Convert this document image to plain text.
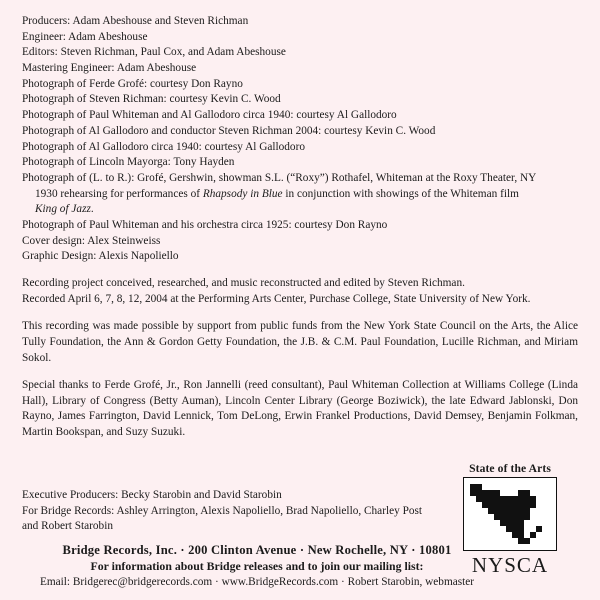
Producers: Adam Abeshouse and Steven Richman
Engineer: Adam Abeshouse
Editors: Steven Richman, Paul Cox, and Adam Abeshouse
Mastering Engineer: Adam Abeshouse
Photograph of Ferde Grofé: courtesy Don Rayno
Photograph of Steven Richman: courtesy Kevin C. Wood
Photograph of Paul Whiteman and Al Gallodoro circa 1940: courtesy Al Gallodoro
Photograph of Al Gallodoro and conductor Steven Richman 2004: courtesy Kevin C. Wood
Photograph of Al Gallodoro circa 1940: courtesy Al Gallodoro
Photograph of Lincoln Mayorga: Tony Hayden
Photograph of (L. to R.): Grofé, Gershwin, showman S.L. (“Roxy”) Rothafel, Whiteman at the Roxy Theater, NY
1930 rehearsing for performances of Rhapsody in Blue in conjunction with showings of the Whiteman film
King of Jazz.
Photograph of Paul Whiteman and his orchestra circa 1925: courtesy Don Rayno
Cover design: Alex Steinweiss
Graphic Design: Alexis Napoliello
Recording project conceived, researched, and music reconstructed and edited by Steven Richman.
Recorded April 6, 7, 8, 12, 2004 at the Performing Arts Center, Purchase College, State University of New York.
This recording was made possible by support from public funds from the New York State Council on the Arts, the Alice Tully Foundation, the Ann & Gordon Getty Foundation, the J.B. & C.M. Paul Foundation, Lucille Richman, and Miriam Sokol.
Special thanks to Ferde Grofé, Jr., Ron Jannelli (reed consultant), Paul Whiteman Collection at Williams College (Linda Hall), Library of Congress (Betty Auman), Lincoln Center Library (George Boziwick), the late Edward Jablonski, Don Rayno, James Farrington, David Lennick, Tom DeLong, Erwin Frankel Productions, David Demsey, Benjamin Folkman, Martin Bookspan, and Suzy Suzuki.
Executive Producers: Becky Starobin and David Starobin
For Bridge Records: Ashley Arrington, Alexis Napoliello, Brad Napoliello, Charley Post
and Robert Starobin
Bridge Records, Inc. · 200 Clinton Avenue · New Rochelle, NY · 10801
For information about Bridge releases and to join our mailing list:
Email: Bridgerec@bridgerecords.com · www.BridgeRecords.com · Robert Starobin, webmaster
State of the Arts
NYSCA
